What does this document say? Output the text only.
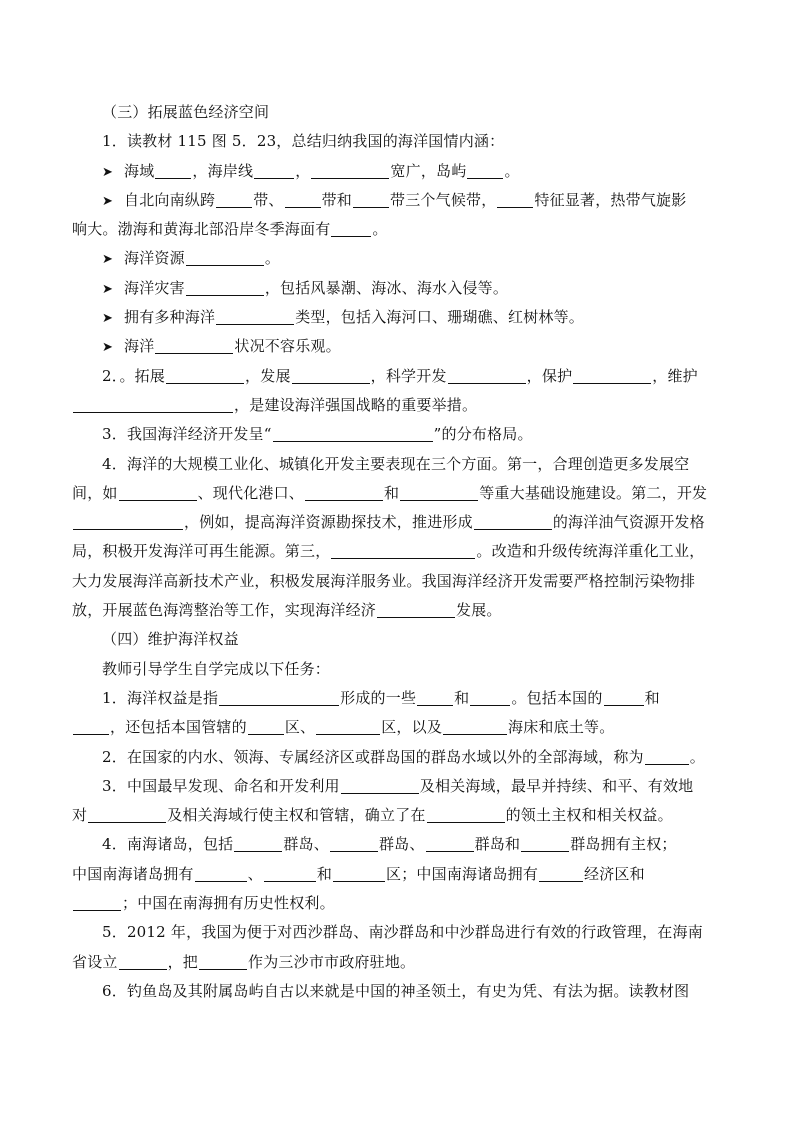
（三）拓展蓝色经济空间
1．读教材 115 图 5．23，总结归纳我国的海洋国情内涵：
➤ 海域	，海岸线	，	宽广，岛屿	。
➤ 自北向南纵跨	带、	带和	带三个气候带，	特征显著，热带气旋影
响大。渤海和黄海北部沿岸冬季海面有	。
➤ 海洋资源	。
➤ 海洋灾害	，包括风暴潮、海冰、海水入侵等。
➤ 拥有多种海洋	类型，包括入海河口、珊瑚礁、红树林等。
➤ 海洋	状况不容乐观。
2．。拓展	，发展	，科学开发	，保护	，维护
，是建设海洋强国战略的重要举措。
3．我国海洋经济开发呈“	”的分布格局。
4．海洋的大规模工业化、城镇化开发主要表现在三个方面。第一，合理创造更多发展空
间，如	、现代化港口、	和	等重大基础设施建设。第二，开发
，例如，提高海洋资源勘探技术，推进形成	的海洋油气资源开发格
局，积极开发海洋可再生能源。第三，	。改造和升级传统海洋重化工业，
大力发展海洋高新技术产业，积极发展海洋服务业。我国海洋经济开发需要严格控制污染物排
放，开展蓝色海湾整治等工作，实现海洋经济	发展。
（四）维护海洋权益
教师引导学生自学完成以下任务：
1．海洋权益是指	形成的一些	和	。包括本国的	和
，还包括本国管辖的	区、	区，以及	海床和底土等。
2．在国家的内水、领海、专属经济区或群岛国的群岛水域以外的全部海域，称为	。
3．中国最早发现、命名和开发利用	及相关海域，最早并持续、和平、有效地
对	及相关海域行使主权和管辖，确立了在	的领土主权和相关权益。
4．南海诸岛，包括	群岛、	群岛、	群岛和	群岛拥有主权；
中国南海诸岛拥有	、	和	区；中国南海诸岛拥有	经济区和
；中国在南海拥有历史性权利。
5．2012 年，我国为便于对西沙群岛、南沙群岛和中沙群岛进行有效的行政管理，在海南
省设立	，把	作为三沙市市政府驻地。
6．钓鱼岛及其附属岛屿自古以来就是中国的神圣领土，有史为凭、有法为据。读教材图
